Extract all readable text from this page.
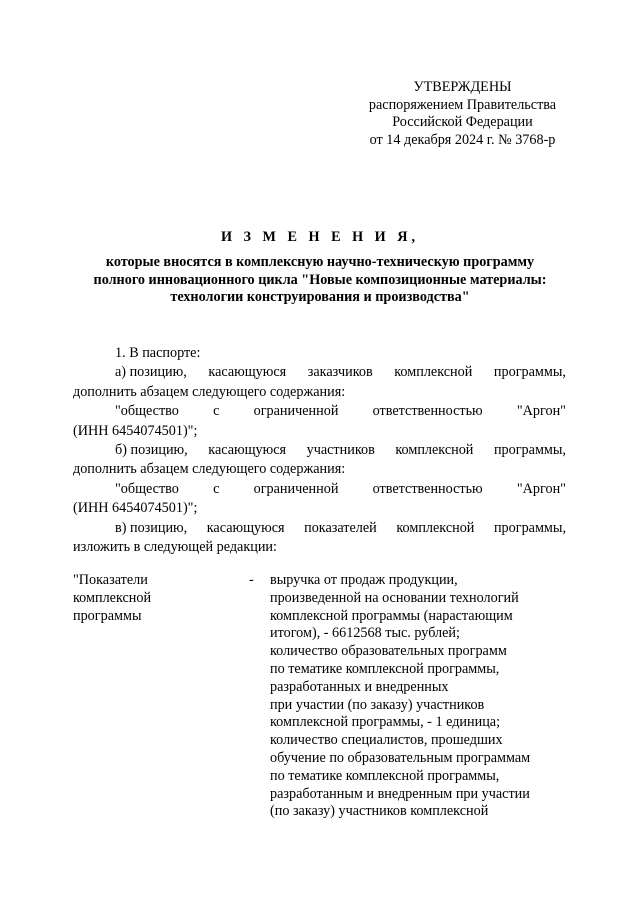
УТВЕРЖДЕНЫ
распоряжением Правительства
Российской Федерации
от 14 декабря 2024 г. № 3768-р
И З М Е Н Е Н И Я,
которые вносятся в комплексную научно-техническую программу
полного инновационного цикла "Новые композиционные материалы:
технологии конструирования и производства"
1. В паспорте:
а) позицию, касающуюся заказчиков комплексной программы,
дополнить абзацем следующего содержания:
"общество с ограниченной ответственностью "Аргон"
(ИНН 6454074501)";
б) позицию, касающуюся участников комплексной программы,
дополнить абзацем следующего содержания:
"общество с ограниченной ответственностью "Аргон"
(ИНН 6454074501)";
в) позицию, касающуюся показателей комплексной программы,
изложить в следующей редакции:
"Показатели
комплексной
программы
- выручка от продаж продукции,
произведенной на основании технологий
комплексной программы (нарастающим
итогом), - 6612568 тыс. рублей;
количество образовательных программ
по тематике комплексной программы,
разработанных и внедренных
при участии (по заказу) участников
комплексной программы, - 1 единица;
количество специалистов, прошедших
обучение по образовательным программам
по тематике комплексной программы,
разработанным и внедренным при участии
(по заказу) участников комплексной
